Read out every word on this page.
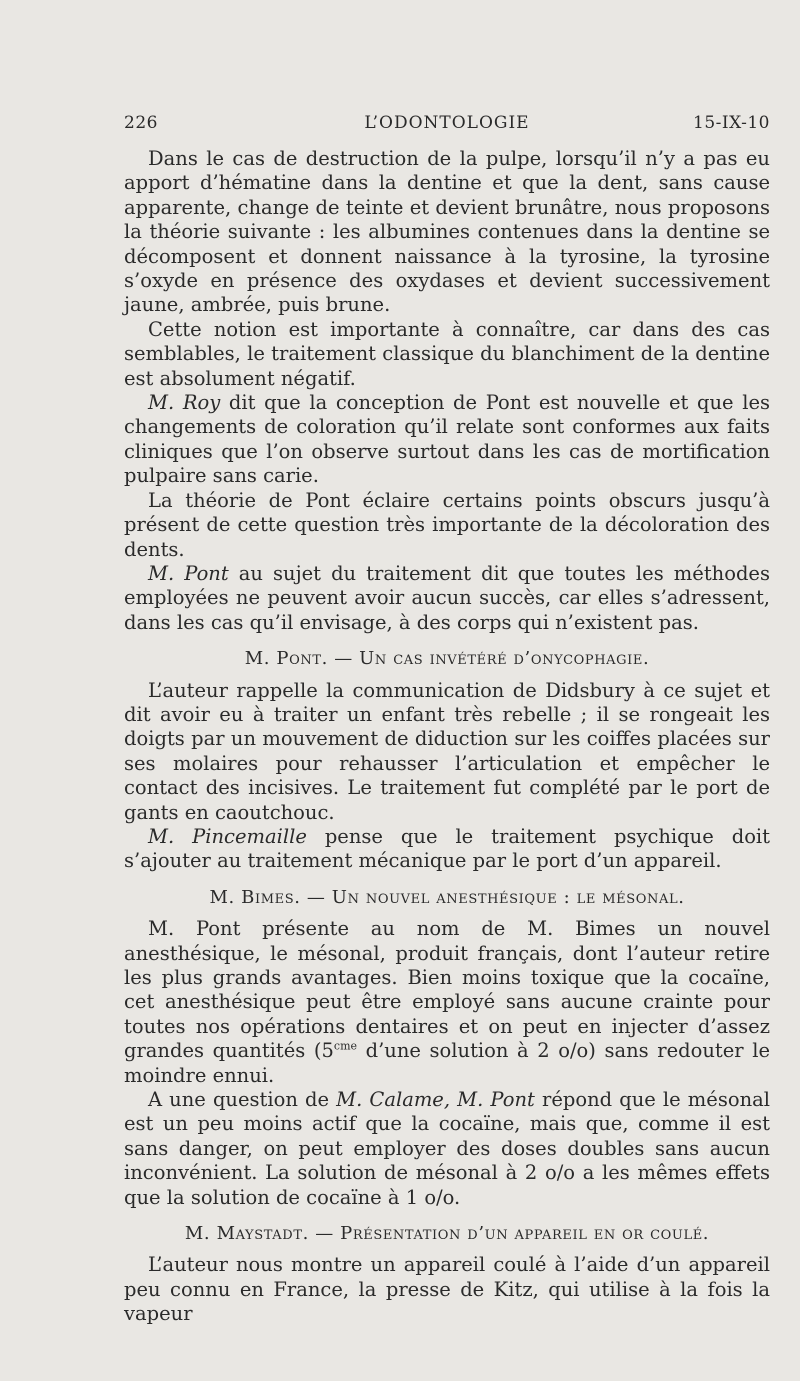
226	L’ODONTOLOGIE	15-IX-10

Dans le cas de destruction de la pulpe, lorsqu’il n’y a pas eu apport d’hématine dans la dentine et que la dent, sans cause apparente, change de teinte et devient brunâtre, nous proposons la théorie suivante : les albumines contenues dans la dentine se décomposent et donnent naissance à la tyrosine, la tyrosine s’oxyde en présence des oxydases et devient successivement jaune, ambrée, puis brune.

Cette notion est importante à connaître, car dans des cas semblables, le traitement classique du blanchiment de la dentine est absolument négatif.

M. Roy dit que la conception de Pont est nouvelle et que les changements de coloration qu’il relate sont conformes aux faits cliniques que l’on observe surtout dans les cas de mortification pulpaire sans carie.

La théorie de Pont éclaire certains points obscurs jusqu’à présent de cette question très importante de la décoloration des dents.

M. Pont au sujet du traitement dit que toutes les méthodes employées ne peuvent avoir aucun succès, car elles s’adressent, dans les cas qu’il envisage, à des corps qui n’existent pas.

M. Pont. — Un cas invétéré d’onycophagie.

L’auteur rappelle la communication de Didsbury à ce sujet et dit avoir eu à traiter un enfant très rebelle ; il se rongeait les doigts par un mouvement de diduction sur les coiffes placées sur ses molaires pour rehausser l’articulation et empêcher le contact des incisives. Le traitement fut complété par le port de gants en caoutchouc.

M. Pincemaille pense que le traitement psychique doit s’ajouter au traitement mécanique par le port d’un appareil.

M. Bimes. — Un nouvel anesthésique : le mésonal.

M. Pont présente au nom de M. Bimes un nouvel anesthésique, le mésonal, produit français, dont l’auteur retire les plus grands avantages. Bien moins toxique que la cocaïne, cet anesthésique peut être employé sans aucune crainte pour toutes nos opérations dentaires et on peut en injecter d’assez grandes quantités ($5^{cme}$ d’une solution à 2 o/o) sans redouter le moindre ennui.

A une question de M. Calame, M. Pont répond que le mésonal est un peu moins actif que la cocaïne, mais que, comme il est sans danger, on peut employer des doses doubles sans aucun inconvénient. La solution de mésonal à 2 o/o a les mêmes effets que la solution de cocaïne à 1 o/o.

M. Maystadt. — Présentation d’un appareil en or coulé.

L’auteur nous montre un appareil coulé à l’aide d’un appareil peu connu en France, la presse de Kitz, qui utilise à la fois la vapeur
